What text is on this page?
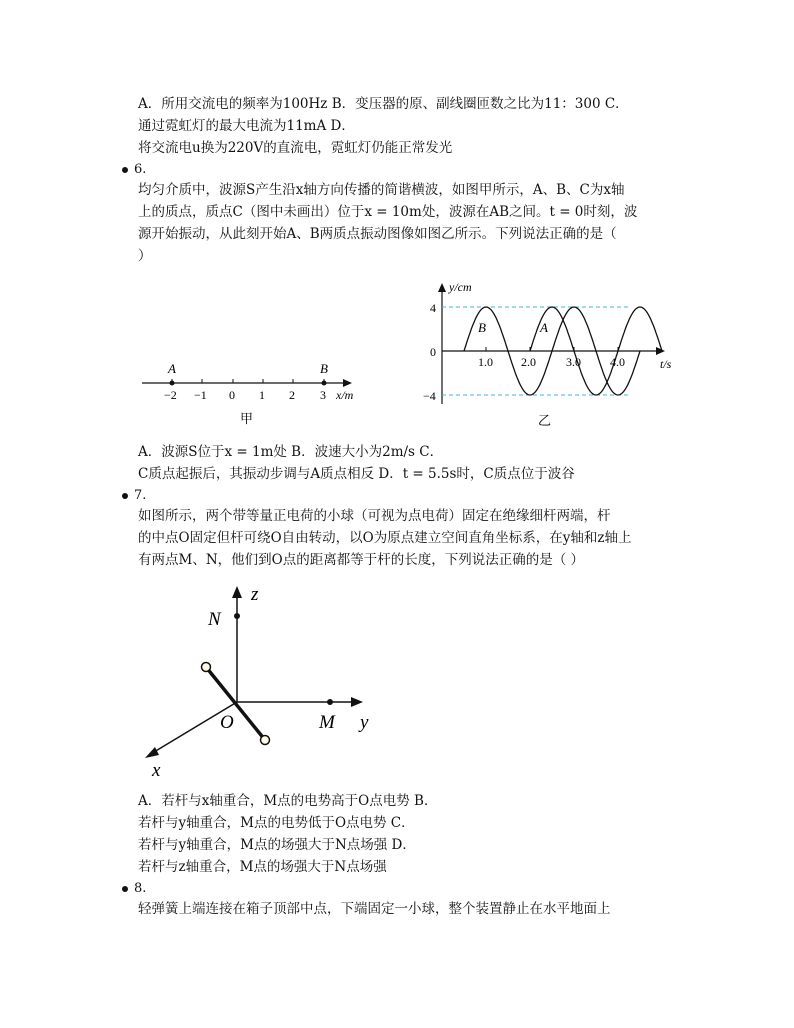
A．所用交流电的频率为100Hz B．变压器的原、副线圈匝数之比为11：300 C．
通过霓虹灯的最大电流为11mA D．
将交流电u换为220V的直流电，霓虹灯仍能正常发光
6.
均匀介质中，波源S产生沿x轴方向传播的简谐横波，如图甲所示，A、B、C为x轴
上的质点，质点C（图中未画出）位于x = 10m处，波源在AB之间。t = 0时刻，波
源开始振动，从此刻开始A、B两质点振动图像如图乙所示。下列说法正确的是（
）
A	B
−2 −1 0 1 2 3 x/m
甲
B	A
y/cm
4
0
−4
1.0 2.0	3.0 4.0	t/s
乙
A．波源S位于x = 1m处 B．波速大小为2m/s C．
C质点起振后，其振动步调与A质点相反 D．t = 5.5s时，C质点位于波谷
7.
如图所示，两个带等量正电荷的小球（可视为点电荷）固定在绝缘细杆两端，杆
的中点O固定但杆可绕O自由转动，以O为原点建立空间直角坐标系，在y轴和z轴上
有两点M、N，他们到O点的距离都等于杆的长度，下列说法正确的是（ ）
N
M
O
z
y
x
A．若杆与x轴重合，M点的电势高于O点电势 B．
若杆与y轴重合，M点的电势低于O点电势 C．
若杆与y轴重合，M点的场强大于N点场强 D．
若杆与z轴重合，M点的场强大于N点场强
8.
轻弹簧上端连接在箱子顶部中点，下端固定一小球，整个装置静止在水平地面上
